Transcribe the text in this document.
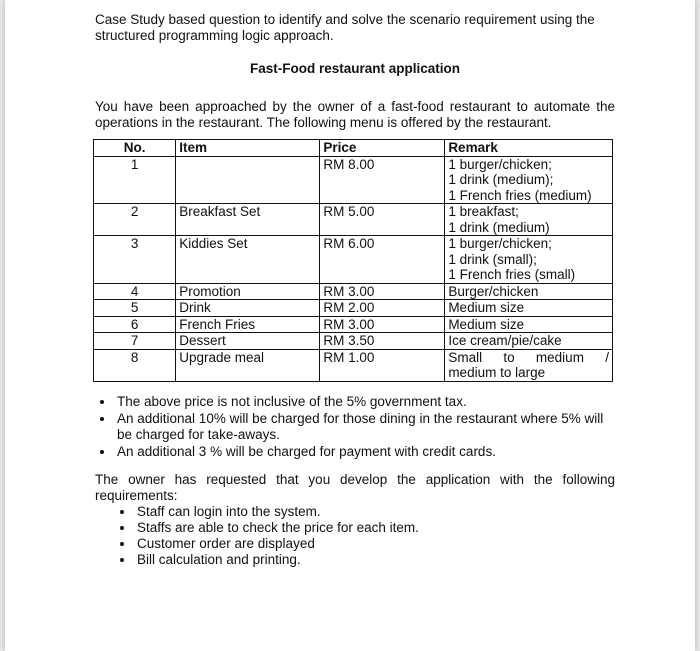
Case Study based question to identify and solve the scenario requirement using the structured programming logic approach.

Fast-Food restaurant application

You have been approached by the owner of a fast-food restaurant to automate the operations in the restaurant. The following menu is offered by the restaurant.

No.	Item	Price	Remark
1		RM 8.00	1 burger/chicken;
1 drink (medium);
1 French fries (medium)

2	Breakfast Set	RM 5.00	1 breakfast;
1 drink (medium)

3	Kiddies Set	RM 6.00	1 burger/chicken;
1 drink (small);
1 French fries (small)

4	Promotion	RM 3.00	Burger/chicken
5	Drink	RM 2.00	Medium size
6	French Fries	RM 3.00	Medium size
7	Dessert	RM 3.50	Ice cream/pie/cake
8	Upgrade meal	RM 1.00	Small to medium /
medium to large
• The above price is not inclusive of the 5% government tax.
• An additional 10% will be charged for those dining in the restaurant where 5% will be charged for take-aways.
• An additional 3 % will be charged for payment with credit cards.

The owner has requested that you develop the application with the following requirements:

• Staff can login into the system.
• Staffs are able to check the price for each item.
• Customer order are displayed
• Bill calculation and printing.
